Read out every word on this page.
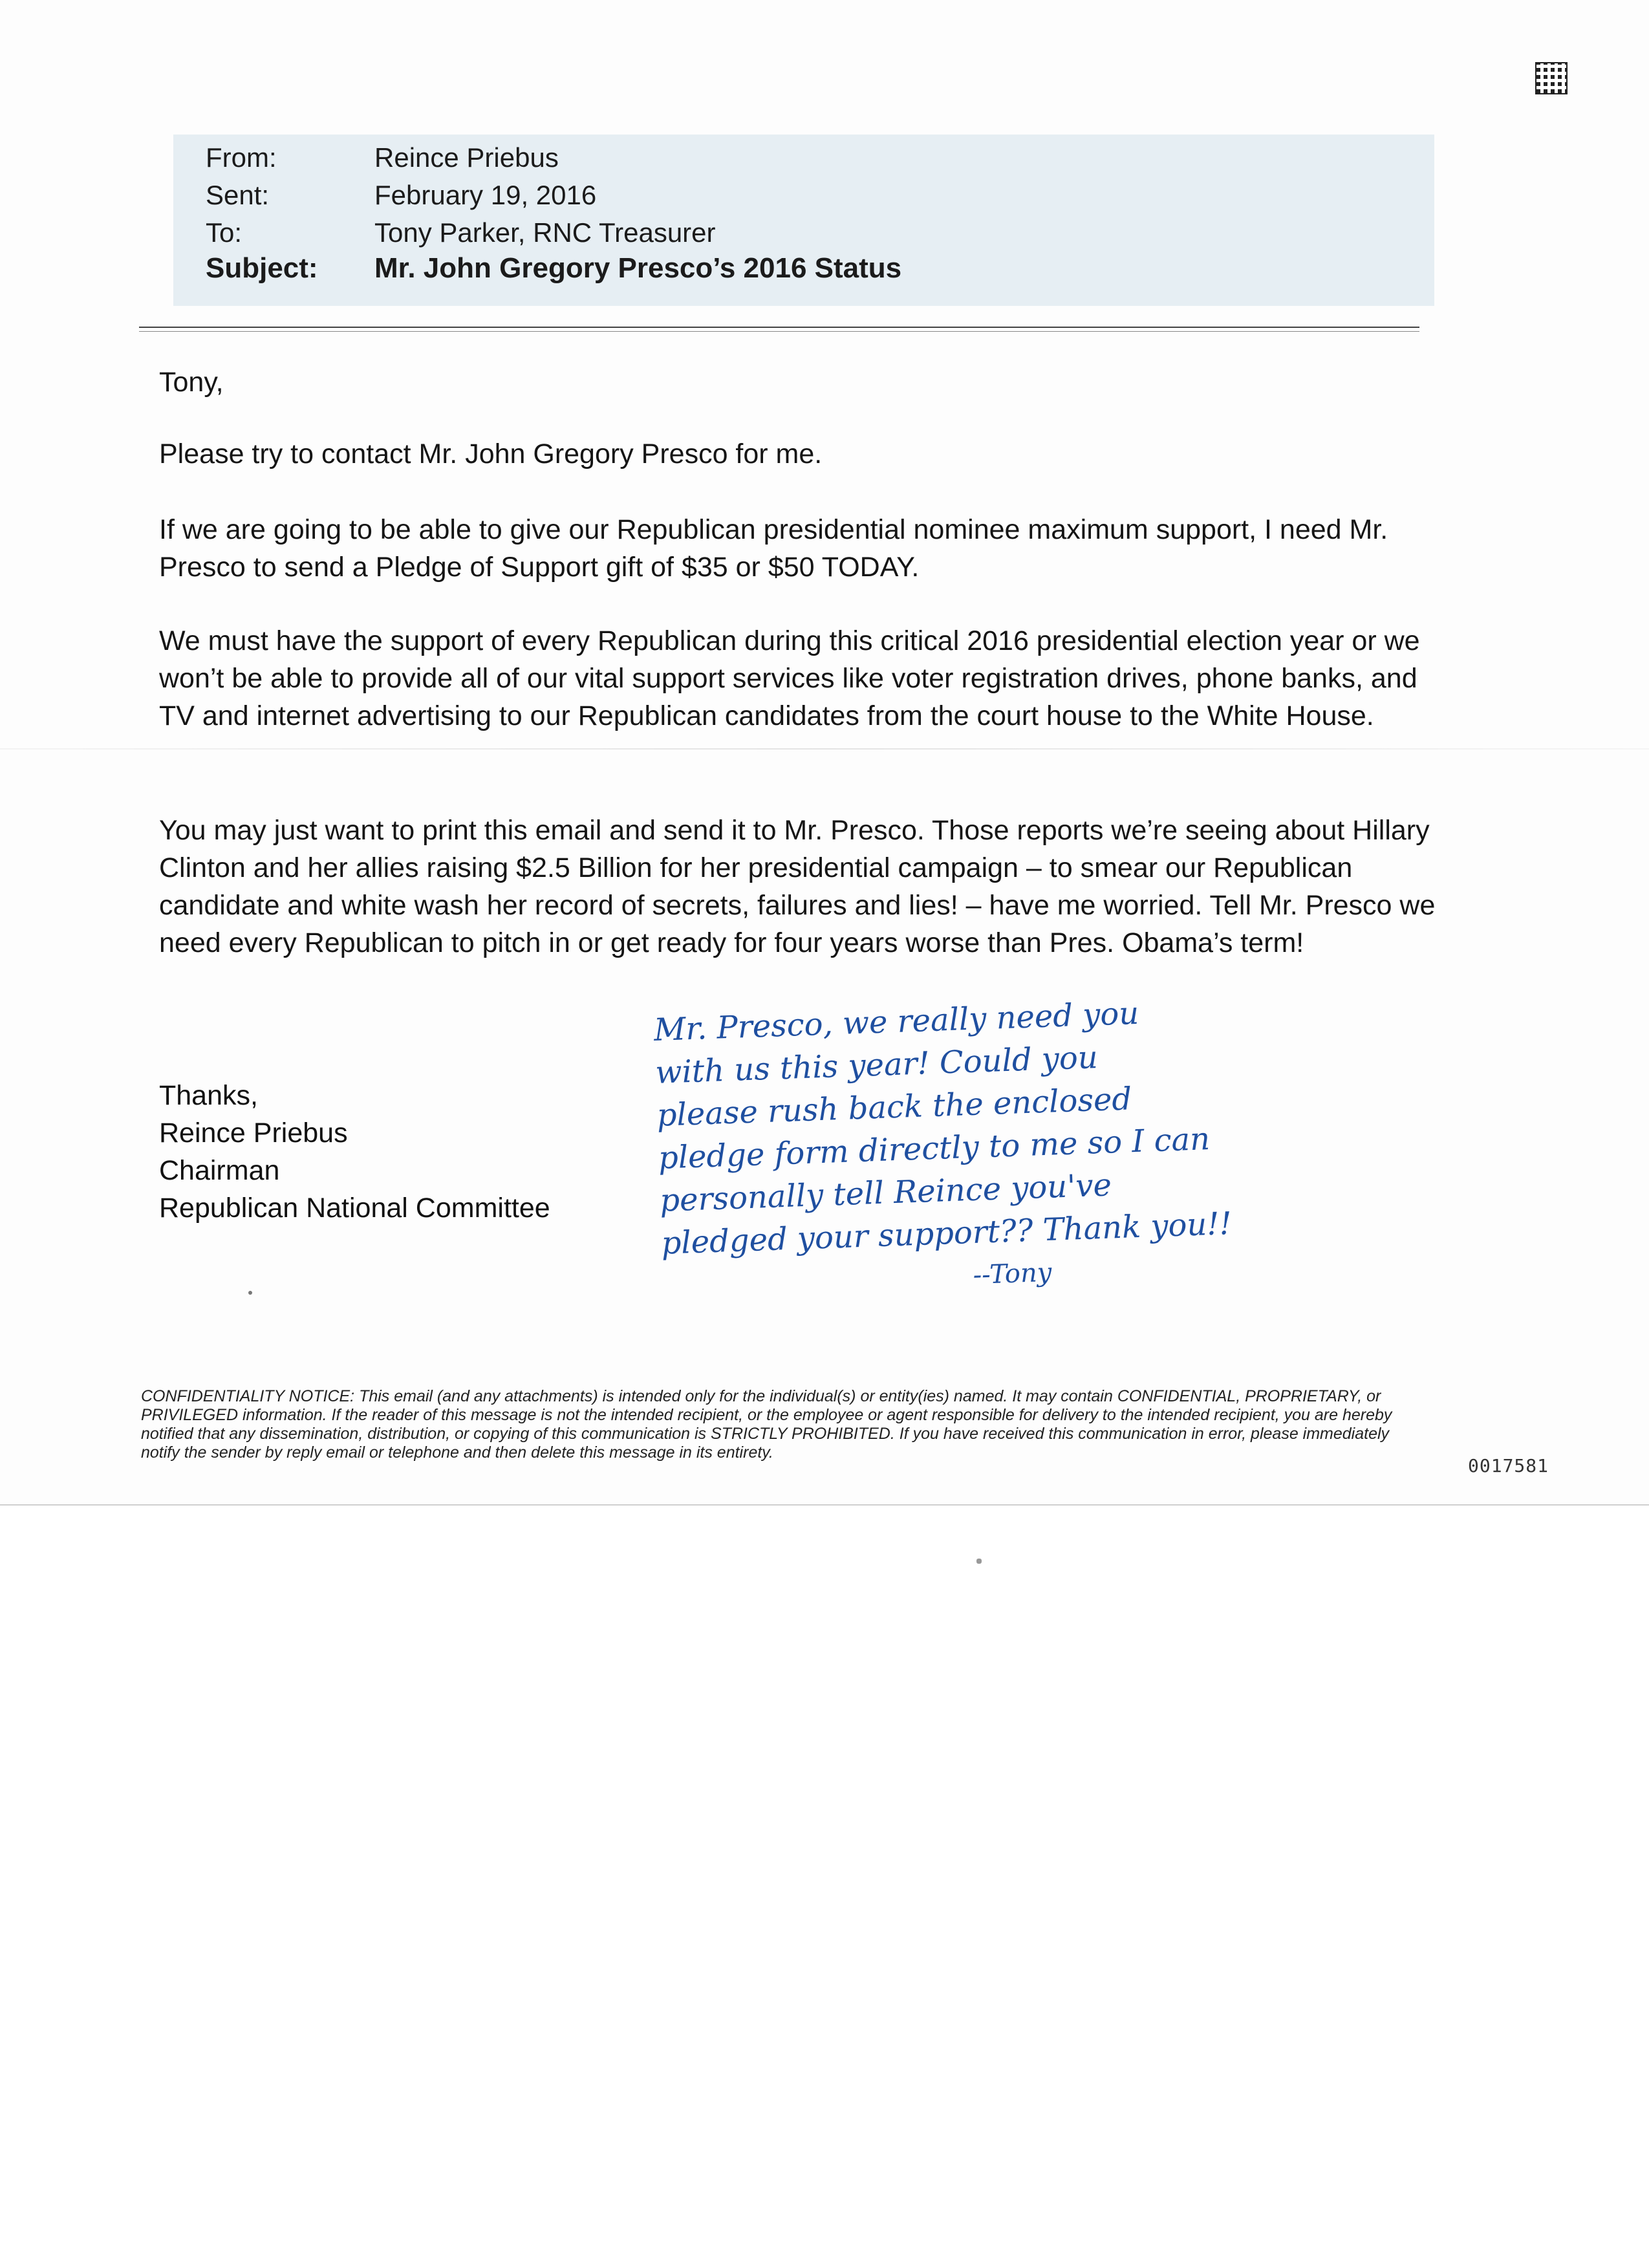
From:	Reince Priebus
Sent:	February 19, 2016
To:	Tony Parker, RNC Treasurer
Subject: Mr. John Gregory Presco’s 2016 Status
Tony,
Please try to contact Mr. John Gregory Presco for me.
If we are going to be able to give our Republican presidential nominee maximum support, I need Mr. Presco to send a Pledge of Support gift of $35 or $50 TODAY.
We must have the support of every Republican during this critical 2016 presidential election year or we won’t be able to provide all of our vital support services like voter registration drives, phone banks, and TV and internet advertising to our Republican candidates from the court house to the White House.
You may just want to print this email and send it to Mr. Presco. Those reports we’re seeing about Hillary Clinton and her allies raising $2.5 Billion for her presidential campaign – to smear our Republican candidate and white wash her record of secrets, failures and lies! – have me worried. Tell Mr. Presco we need every Republican to pitch in or get ready for four years worse than Pres. Obama’s term!
Thanks,
Reince Priebus
Chairman
Republican National Committee
Mr. Presco, we really need you
with us this year! Could you
please rush back the enclosed
pledge form directly to me so I can
personally tell Reince you've
pledged your support?? Thank you!!
--Tony
CONFIDENTIALITY NOTICE: This email (and any attachments) is intended only for the individual(s) or entity(ies) named. It may contain CONFIDENTIAL, PROPRIETARY, or PRIVILEGED information. If the reader of this message is not the intended recipient, or the employee or agent responsible for delivery to the intended recipient, you are hereby notified that any dissemination, distribution, or copying of this communication is STRICTLY PROHIBITED. If you have received this communication in error, please immediately notify the sender by reply email or telephone and then delete this message in its entirety.
0017581
